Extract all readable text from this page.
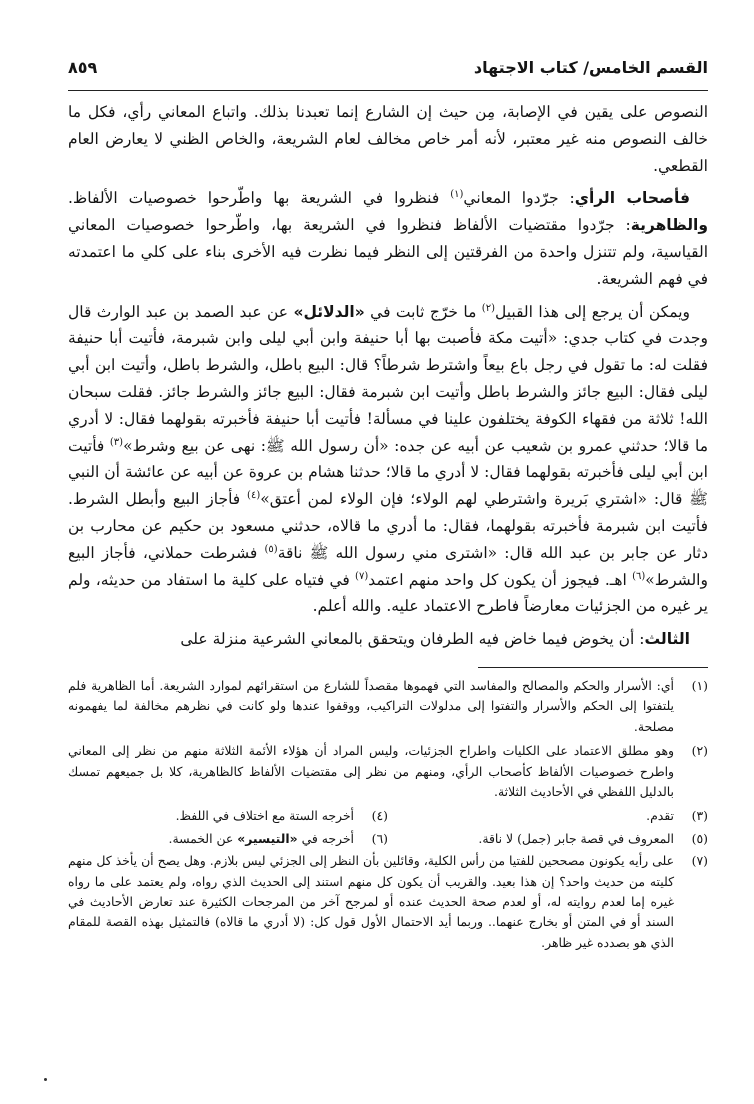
القسم الخامس/ كتاب الاجتهاد
٨٥٩

النصوص على يقين في الإصابة، مِن حيث إن الشارع إنما تعبدنا بذلك. واتباع المعاني رأي، فكل ما خالف النصوص منه غير معتبر، لأنه أمر خاص مخالف لعام الشريعة، والخاص الظني لا يعارض العام القطعي.

فأصحاب الرأي: جرّدوا المعاني$^{(١)}$ فنظروا في الشريعة بها واطّرحوا خصوصيات الألفاظ. والظاهرية: جرّدوا مقتضيات الألفاظ فنظروا في الشريعة بها، واطّرحوا خصوصيات المعاني القياسية، ولم تتنزل واحدة من الفرقتين إلى النظر فيما نظرت فيه الأخرى بناء على كلي ما اعتمدته في فهم الشريعة.

ويمكن أن يرجع إلى هذا القبيل$^{(٢)}$ ما خرّج ثابت في «الدلائل» عن عبد الصمد بن عبد الوارث قال وجدت في كتاب جدي: «أتيت مكة فأصبت بها أبا حنيفة وابن أبي ليلى وابن شبرمة، فأتيت أبا حنيفة فقلت له: ما تقول في رجل باع بيعاً واشترط شرطاً؟ قال: البيع باطل، والشرط باطل، وأتيت ابن أبي ليلى فقال: البيع جائز والشرط باطل وأتيت ابن شبرمة فقال: البيع جائز والشرط جائز. فقلت سبحان الله! ثلاثة من فقهاء الكوفة يختلفون علينا في مسألة! فأتيت أبا حنيفة فأخبرته بقولهما فقال: لا أدري ما قالا؛ حدثني عمرو بن شعيب عن أبيه عن جده: «أن رسول الله ﷺ: نهى عن بيع وشرط»$^{(٣)}$ فأتيت ابن أبي ليلى فأخبرته بقولهما فقال: لا أدري ما قالا؛ حدثنا هشام بن عروة عن أبيه عن عائشة أن النبي ﷺ قال: «اشتري بَريرة واشترطي لهم الولاء؛ فإن الولاء لمن أعتق»$^{(٤)}$ فأجاز البيع وأبطل الشرط. فأتيت ابن شبرمة فأخبرته بقولهما، فقال: ما أدري ما قالاه، حدثني مسعود بن حكيم عن محارب بن دثار عن جابر بن عبد الله قال: «اشترى مني رسول الله ﷺ ناقة$^{(٥)}$ فشرطت حملاني، فأجاز البيع والشرط»$^{(٦)}$ اهـ. فيجوز أن يكون كل واحد منهم اعتمد$^{(٧)}$ في فتياه على كلية ما استفاد من حديثه، ولم ير غيره من الجزئيات معارضاً فاطرح الاعتماد عليه. والله أعلم.

الثالث: أن يخوض فيما خاض فيه الطرفان ويتحقق بالمعاني الشرعية منزلة على

(١)
أي: الأسرار والحكم والمصالح والمفاسد التي فهموها مقصداً للشارع من استقرائهم لموارد الشريعة. أما الظاهرية فلم يلتفتوا إلى الحكم والأسرار والتفتوا إلى مدلولات التراكيب، ووقفوا عندها ولو كانت في نظرهم مخالفة لما يفهمونه مصلحة.
(٢)
وهو مطلق الاعتماد على الكليات واطراح الجزئيات، وليس المراد أن هؤلاء الأئمة الثلاثة منهم من نظر إلى المعاني واطرح خصوصيات الألفاظ كأصحاب الرأي، ومنهم من نظر إلى مقتضيات الألفاظ كالظاهرية، كلا بل جميعهم تمسك بالدليل اللفظي في الأحاديث الثلاثة.
(٣)
تقدم.
(٤)
أخرجه الستة مع اختلاف في اللفظ.
(٥)
المعروف في قصة جابر (جمل) لا ناقة.
(٦)
أخرجه في «التيسير» عن الخمسة.
(٧)
على رأيه يكونون مصححين للفتيا من رأس الكلية، وقائلين بأن النظر إلى الجزئي ليس بلازم. وهل يصح أن يأخذ كل منهم كليته من حديث واحد؟ إن هذا بعيد. والقريب أن يكون كل منهم استند إلى الحديث الذي رواه، ولم يعتمد على ما رواه غيره إما لعدم روايته له، أو لعدم صحة الحديث عنده أو لمرجح آخر من المرجحات الكثيرة عند تعارض الأحاديث في السند أو في المتن أو بخارج عنهما.. وربما أيد الاحتمال الأول قول كل: (لا أدري ما قالاه) فالتمثيل بهذه القصة للمقام الذي هو بصدده غير ظاهر.
